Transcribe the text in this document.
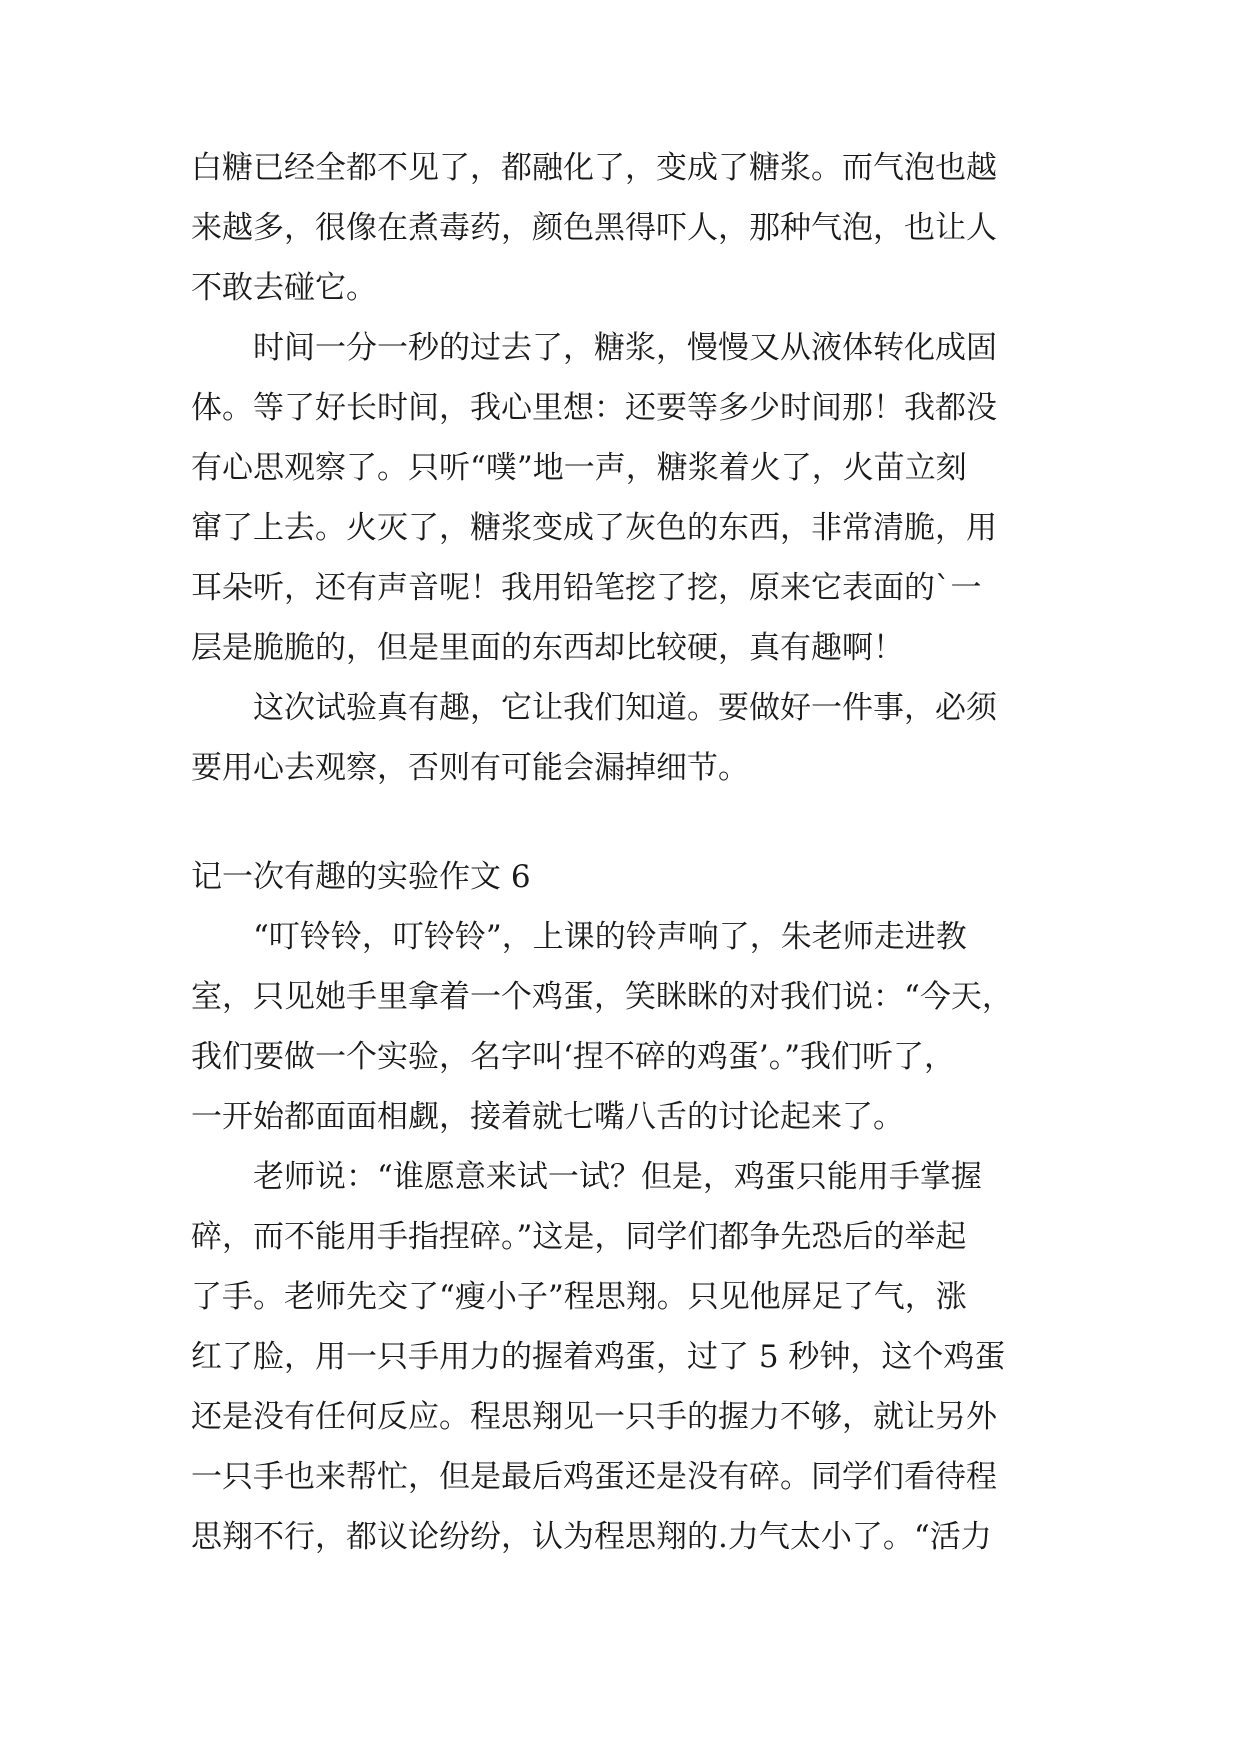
白糖已经全都不见了，都融化了，变成了糖浆。而气泡也越
来越多，很像在煮毒药，颜色黑得吓人，那种气泡，也让人
不敢去碰它。
　　时间一分一秒的过去了，糖浆，慢慢又从液体转化成固
体。等了好长时间，我心里想：还要等多少时间那！我都没
有心思观察了。只听“噗”地一声，糖浆着火了，火苗立刻
窜了上去。火灭了，糖浆变成了灰色的东西，非常清脆，用
耳朵听，还有声音呢！我用铅笔挖了挖，原来它表面的`一
层是脆脆的，但是里面的东西却比较硬，真有趣啊！
　　这次试验真有趣，它让我们知道。要做好一件事，必须
要用心去观察，否则有可能会漏掉细节。
记一次有趣的实验作文 6
　　“叮铃铃，叮铃铃”，上课的铃声响了，朱老师走进教
室，只见她手里拿着一个鸡蛋，笑眯眯的对我们说：“今天，
我们要做一个实验，名字叫‘捏不碎的鸡蛋’。”我们听了，
一开始都面面相觑，接着就七嘴八舌的讨论起来了。
　　老师说：“谁愿意来试一试？但是，鸡蛋只能用手掌握
碎，而不能用手指捏碎。”这是，同学们都争先恐后的举起
了手。老师先交了“瘦小子”程思翔。只见他屏足了气，涨
红了脸，用一只手用力的握着鸡蛋，过了 5 秒钟，这个鸡蛋
还是没有任何反应。程思翔见一只手的握力不够，就让另外
一只手也来帮忙，但是最后鸡蛋还是没有碎。同学们看待程
思翔不行，都议论纷纷，认为程思翔的.力气太小了。“活力
